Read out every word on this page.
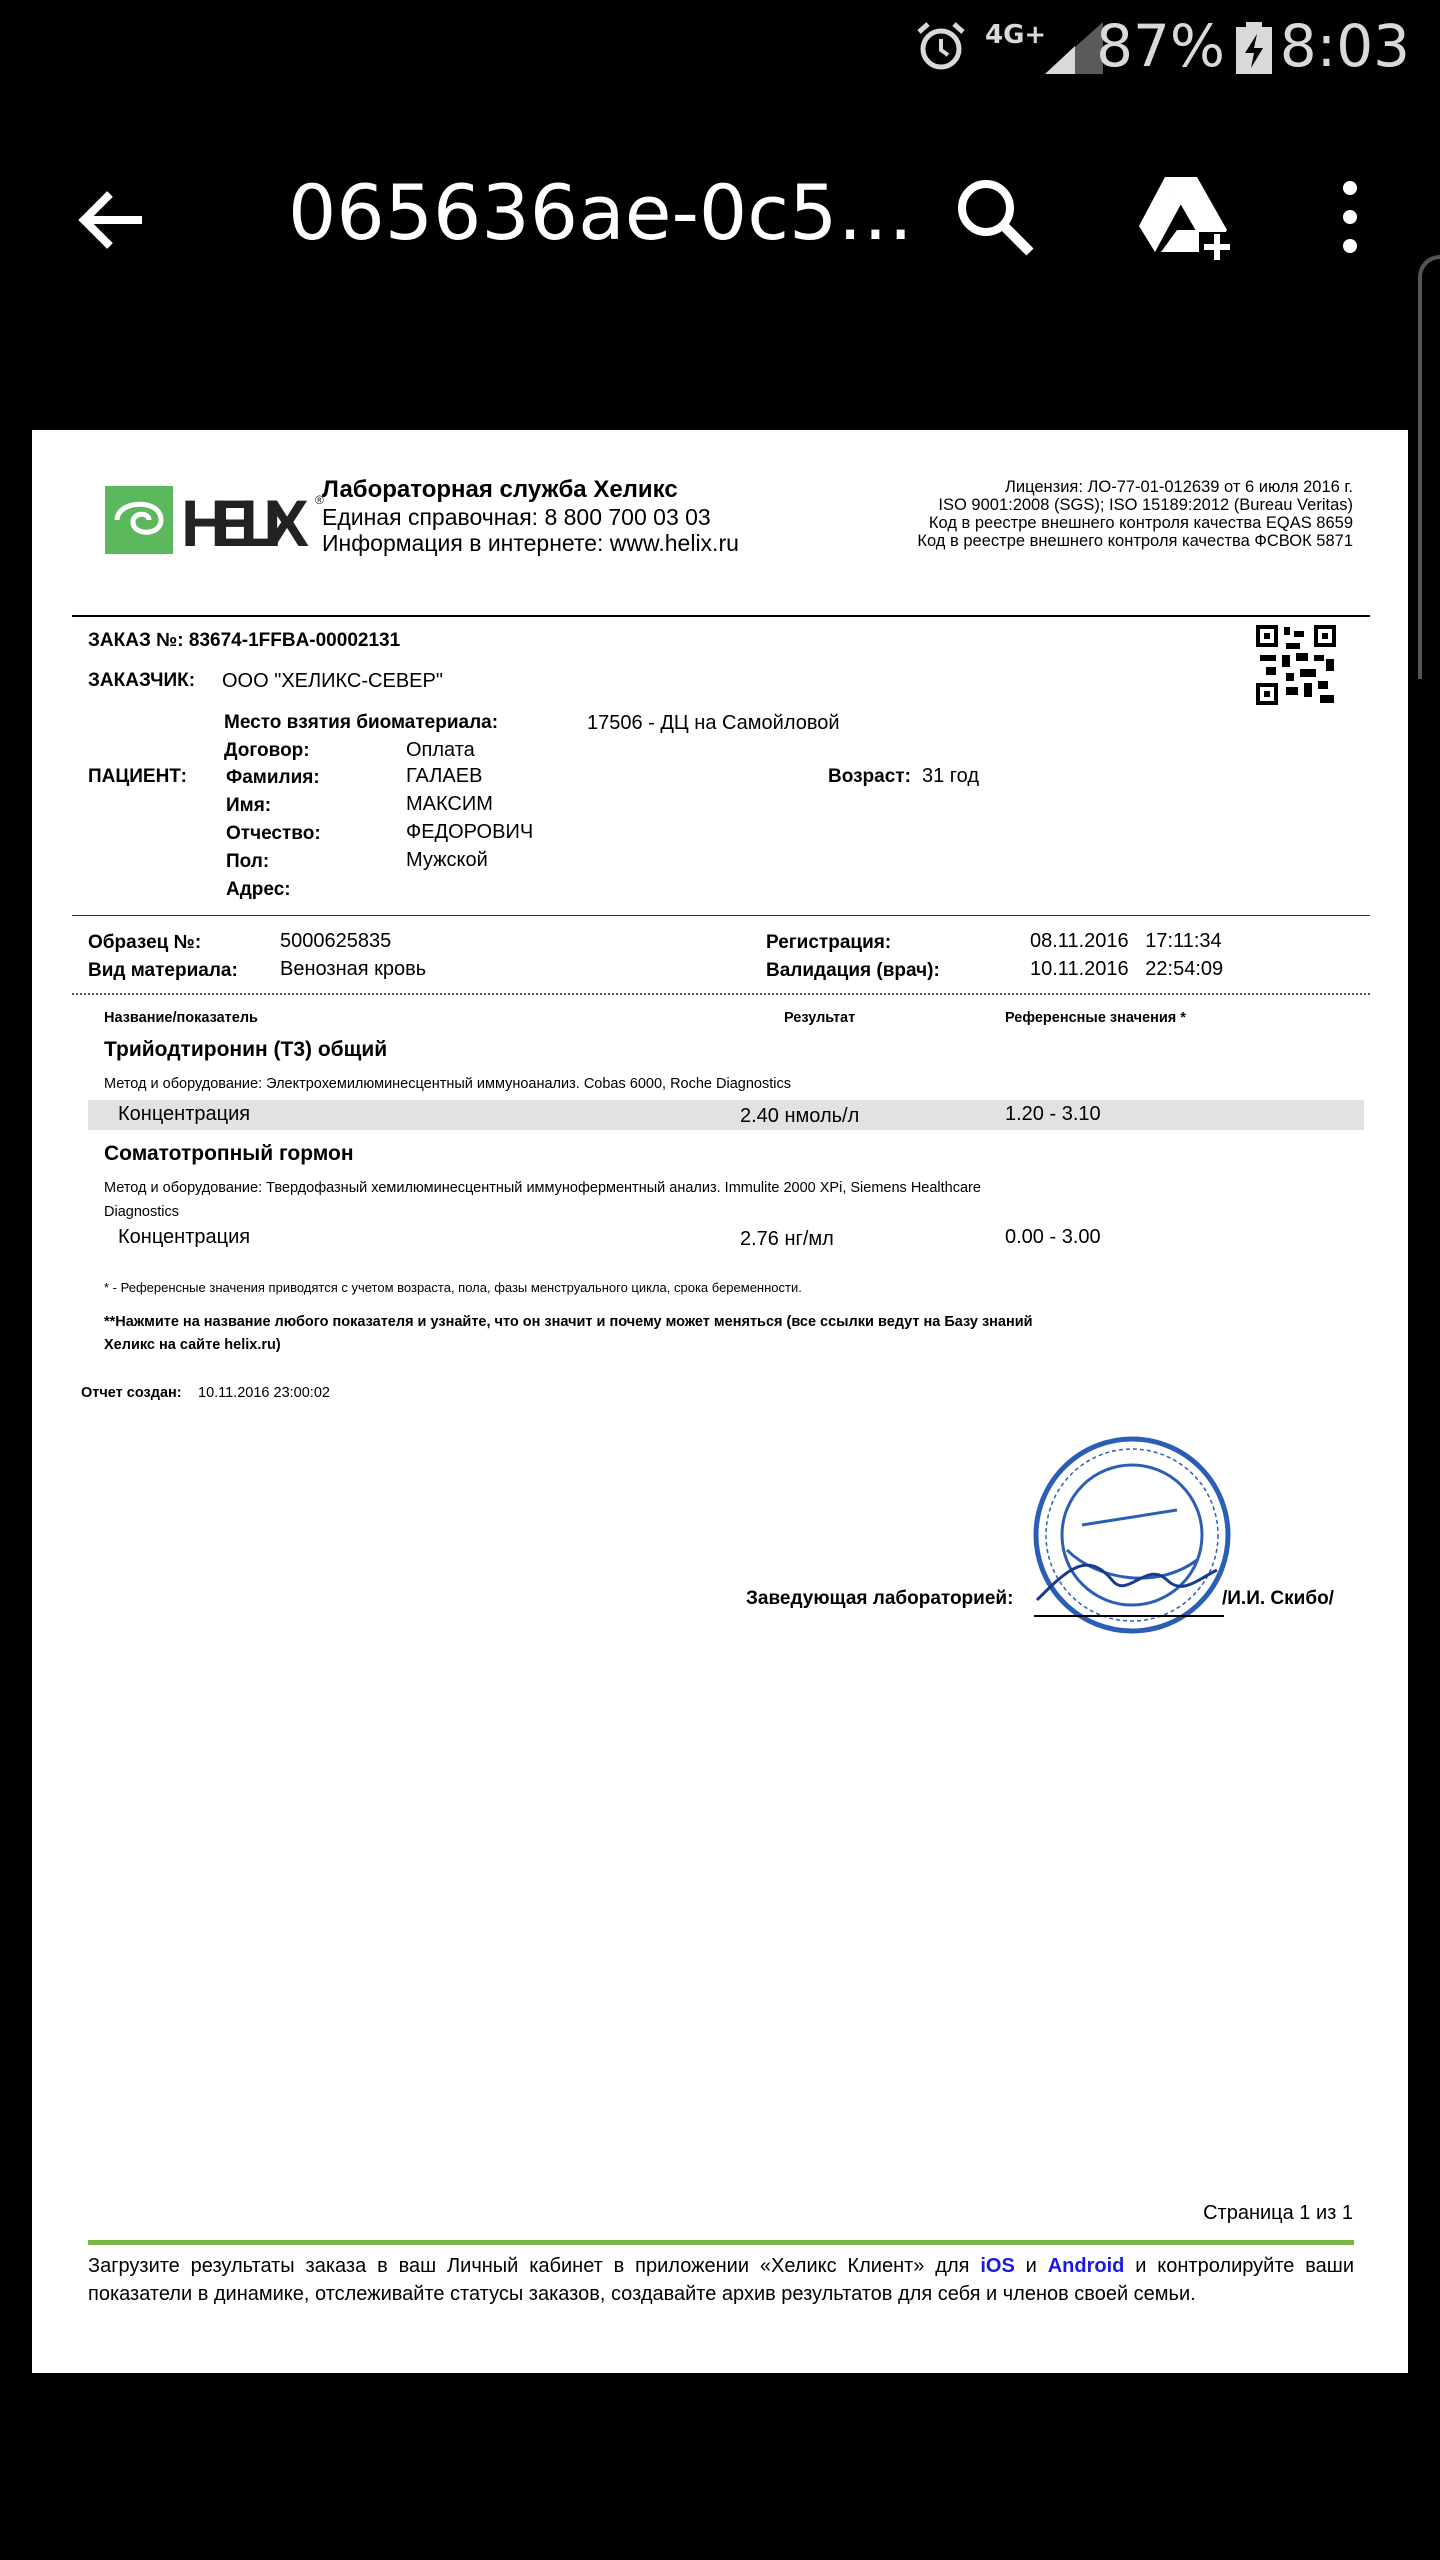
4G+ 87% 8:03
065636ae-0c5…
HELIX ®
Лабораторная служба Хеликс
Единая справочная: 8 800 700 03 03
Информация в интернете: www.helix.ru
Лицензия: ЛО-77-01-012639 от 6 июля 2016 г.
ISO 9001:2008 (SGS); ISO 15189:2012 (Bureau Veritas)
Код в реестре внешнего контроля качества EQAS 8659
Код в реестре внешнего контроля качества ФСВОК 5871
ЗАКАЗ №: 83674-1FFBA-00002131
ЗАКАЗЧИК: ООО "ХЕЛИКС-СЕВЕР"
Место взятия биоматериала:	17506 - ДЦ на Самойловой
Договор:	Оплата
ПАЦИЕНТ: Фамилия:	ГАЛАЕВ	Возраст: 31 год
Имя:	МАКСИМ
Отчество:	ФЕДОРОВИЧ
Пол:	Мужской
Адрес:
Образец №:	5000625835
Вид материала: Венозная кровь
Регистрация:	08.11.2016   17:11:34
Валидация (врач):	10.11.2016   22:54:09
Название/показатель	Результат	Референсные значения *
Трийодтиронин (Т3) общий
Метод и оборудование: Электрохемилюминесцентный иммуноанализ. Cobas 6000, Roche Diagnostics
Концентрация	2.40 нмоль/л	1.20 - 3.10
Соматотропный гормон
Метод и оборудование: Твердофазный хемилюминесцентный иммуноферментный анализ. Immulite 2000 XPi, Siemens Healthcare
Diagnostics
Концентрация	2.76 нг/мл	0.00 - 3.00
* - Референсные значения приводятся с учетом возраста, пола, фазы менструального цикла, срока беременности.
**Нажмите на название любого показателя и узнайте, что он значит и почему может меняться (все ссылки ведут на Базу знаний
Хеликс на сайте helix.ru)
Отчет создан: 10.11.2016 23:00:02
Заведующая лабораторией:	/И.И. Скибо/
Страница 1 из 1
Загрузите результаты заказа в ваш Личный кабинет в приложении «Хеликс Клиент» для iOS и Android и контролируйте ваши показатели в динамике, отслеживайте статусы заказов, создавайте архив результатов для себя и членов своей семьи.
